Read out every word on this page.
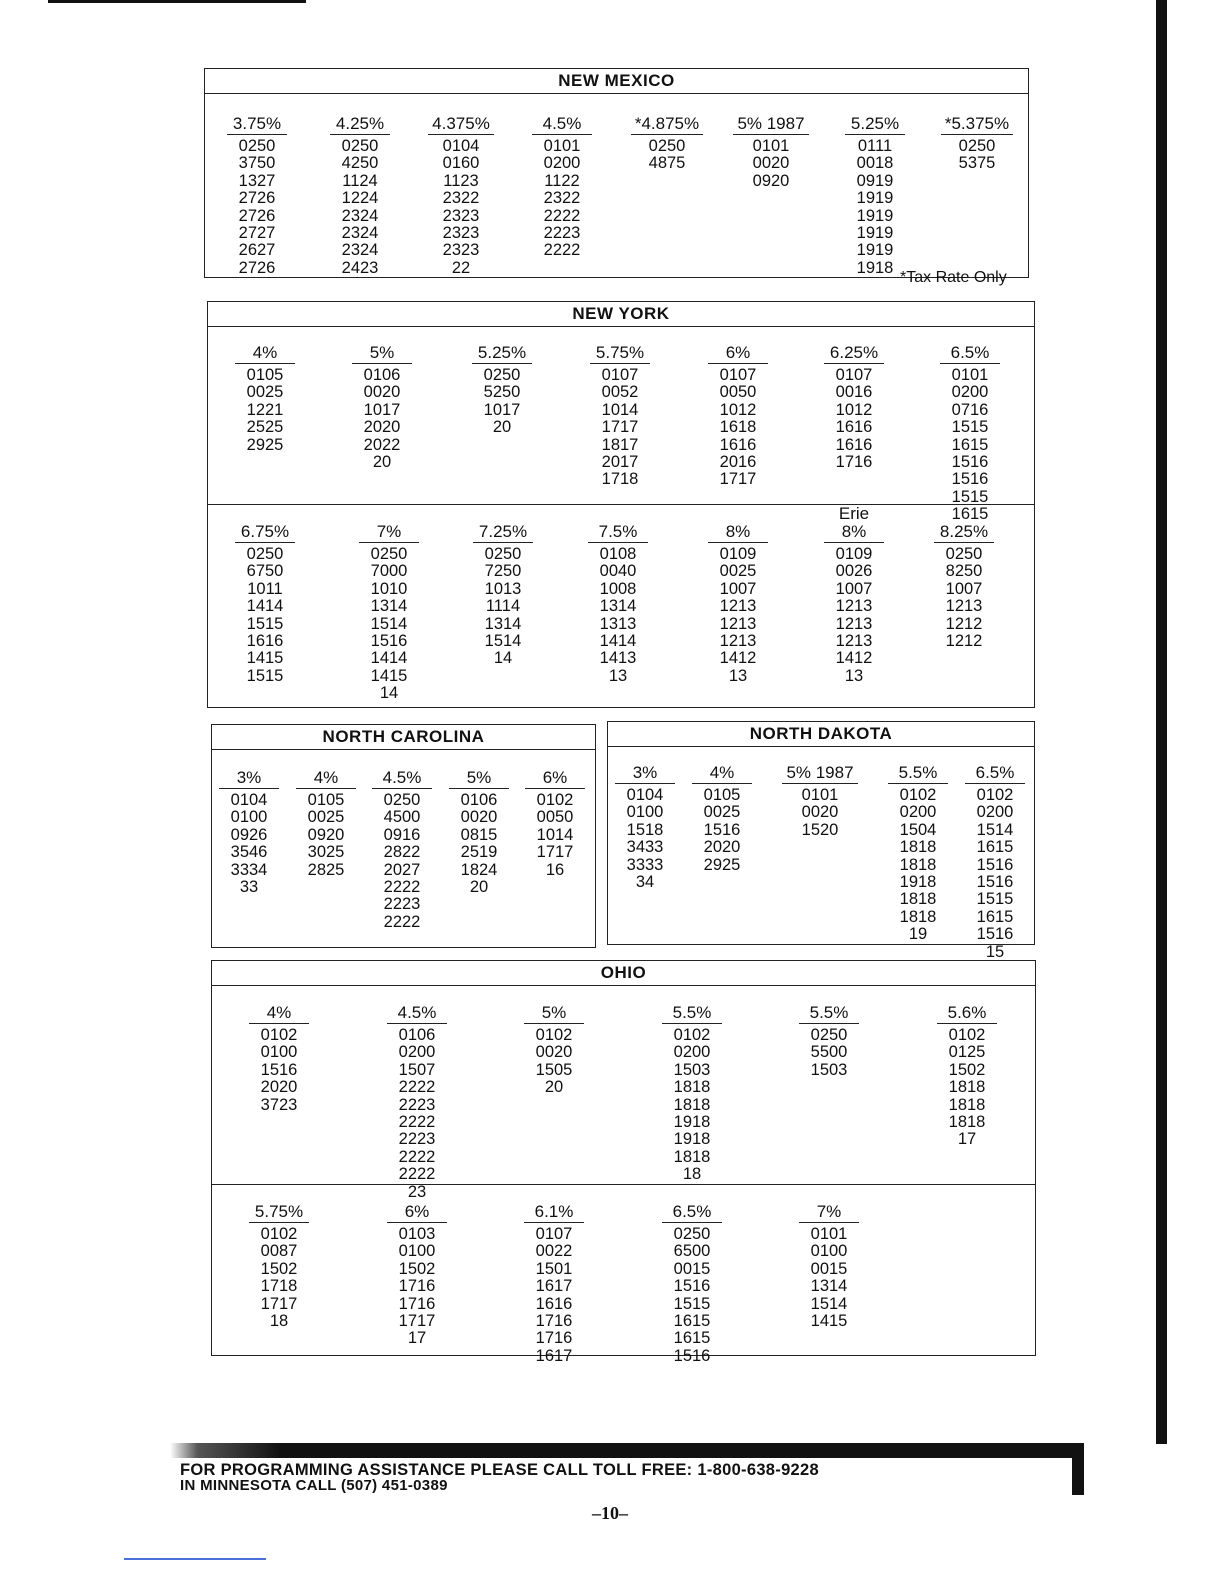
NEW MEXICO
3.75%
0250
3750
1327
2726
2726
2727
2627
2726
4.25%
0250
4250
1124
1224
2324
2324
2324
2423
4.375%
0104
0160
1123
2322
2323
2323
2323
22
4.5%
0101
0200
1122
2322
2222
2223
2222
*4.875%
0250
4875
5% 1987
0101
0020
0920
5.25%
0111
0018
0919
1919
1919
1919
1919
1918
*5.375%
0250
5375
*Tax Rate Only
NEW YORK
4%
0105
0025
1221
2525
2925
5%
0106
0020
1017
2020
2022
20
5.25%
0250
5250
1017
20
5.75%
0107
0052
1014
1717
1817
2017
1718
6%
0107
0050
1012
1618
1616
2016
1717
6.25%
0107
0016
1012
1616
1616
1716
6.5%
0101
0200
0716
1515
1615
1516
1516
1515
1615
6.75%
0250
6750
1011
1414
1515
1616
1415
1515
7%
0250
7000
1010
1314
1514
1516
1414
1415
14
7.25%
0250
7250
1013
1114
1314
1514
14
7.5%
0108
0040
1008
1314
1313
1414
1413
13
8%
0109
0025
1007
1213
1213
1213
1412
13
Erie
8%
0109
0026
1007
1213
1213
1213
1412
13
8.25%
0250
8250
1007
1213
1212
1212
NORTH CAROLINA
3%
0104
0100
0926
3546
3334
33
4%
0105
0025
0920
3025
2825
4.5%
0250
4500
0916
2822
2027
2222
2223
2222
5%
0106
0020
0815
2519
1824
20
6%
0102
0050
1014
1717
16
NORTH DAKOTA
3%
0104
0100
1518
3433
3333
34
4%
0105
0025
1516
2020
2925
5% 1987
0101
0020
1520
5.5%
0102
0200
1504
1818
1818
1918
1818
1818
19
6.5%
0102
0200
1514
1615
1516
1516
1515
1615
1516
15
OHIO
4%
0102
0100
1516
2020
3723
4.5%
0106
0200
1507
2222
2223
2222
2223
2222
2222
23
5%
0102
0020
1505
20
5.5%
0102
0200
1503
1818
1818
1918
1918
1818
18
5.5%
0250
5500
1503
5.6%
0102
0125
1502
1818
1818
1818
17
5.75%
0102
0087
1502
1718
1717
18
6%
0103
0100
1502
1716
1716
1717
17
6.1%
0107
0022
1501
1617
1616
1716
1716
1617
6.5%
0250
6500
0015
1516
1515
1615
1615
1516
7%
0101
0100
0015
1314
1514
1415
FOR PROGRAMMING ASSISTANCE PLEASE CALL TOLL FREE: 1-800-638-9228
IN MINNESOTA CALL (507) 451-0389
–10–
